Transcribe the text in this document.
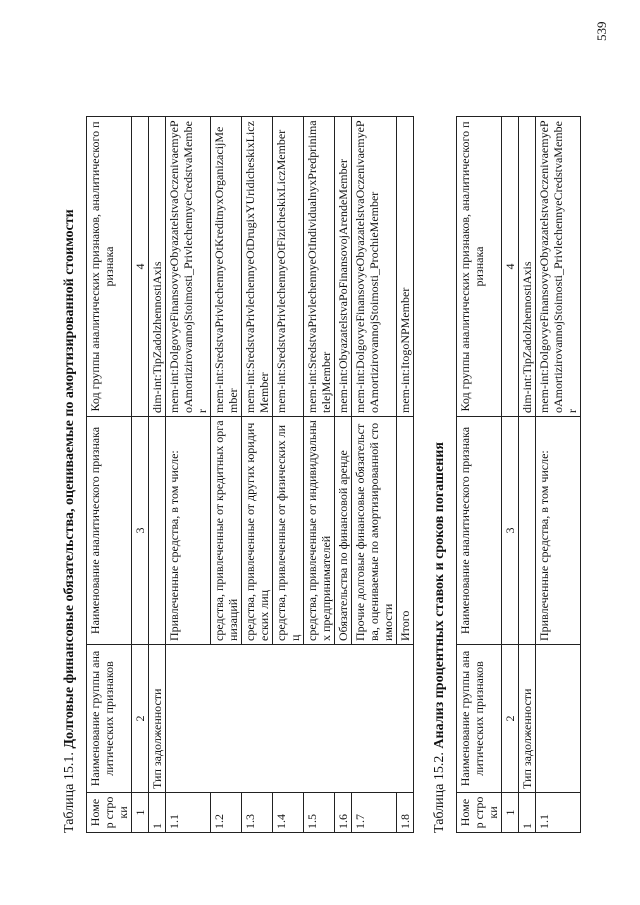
Таблица 15.1. Долговые финансовые обязательства, оцениваемые по амортизированной стоимости
Номер строки	Наименование группы аналитических признаков	Наименование аналитического признака	Код группы аналитических признаков, аналитического признака
1	2	3	4
1	Тип задолженности		dim-int:TipZadolzhennostiAxis
1.1		Привлеченные средства, в том числе:	mem-int:DolgovyeFinansovyeObyazatelstvaOczenivaemyePoAmortizirovannojStoimosti_PrivlechennyeCredstvaMember
1.2		средства, привлеченные от кредитных организаций	mem-int:SredstvaPrivlechennyeOtKreditnyxOrganizacijMember
1.3		средства, привлеченные от других юридических лиц	mem-int:SredstvaPrivlechennyeOtDrugixYUridicheskixLiczMember
1.4		средства, привлеченные от физических лиц	mem-int:SredstvaPrivlechennyeOtFizicheskixLiczMember
1.5		средства, привлеченные от индивидуальных предпринимателей	mem-int:SredstvaPrivlechennyeOtIndividualnyxPredprinimatelejMember
1.6		Обязательства по финансовой аренде	mem-int:ObyazatelstvaPoFinansovojArendeMember
1.7		Прочие долговые финансовые обязательства, оцениваемые по амортизированной стоимости	mem-int:DolgovyeFinansovyeObyazatelstvaOczenivaemyePoAmortizirovannojStoimosti_ProchieMember
1.8		Итого	mem-int:ItogoNPMember
Таблица 15.2. Анализ процентных ставок и сроков погашения
Номер строки	Наименование группы аналитических признаков	Наименование аналитического признака	Код группы аналитических признаков, аналитического признака
1	2	3	4
1	Тип задолженности		dim-int:TipZadolzhennostiAxis
1.1		Привлеченные средства, в том числе:	mem-int:DolgovyeFinansovyeObyazatelstvaOczenivaemyePoAmortizirovannojStoimosti_PrivlechennyeCredstvaMember
539
